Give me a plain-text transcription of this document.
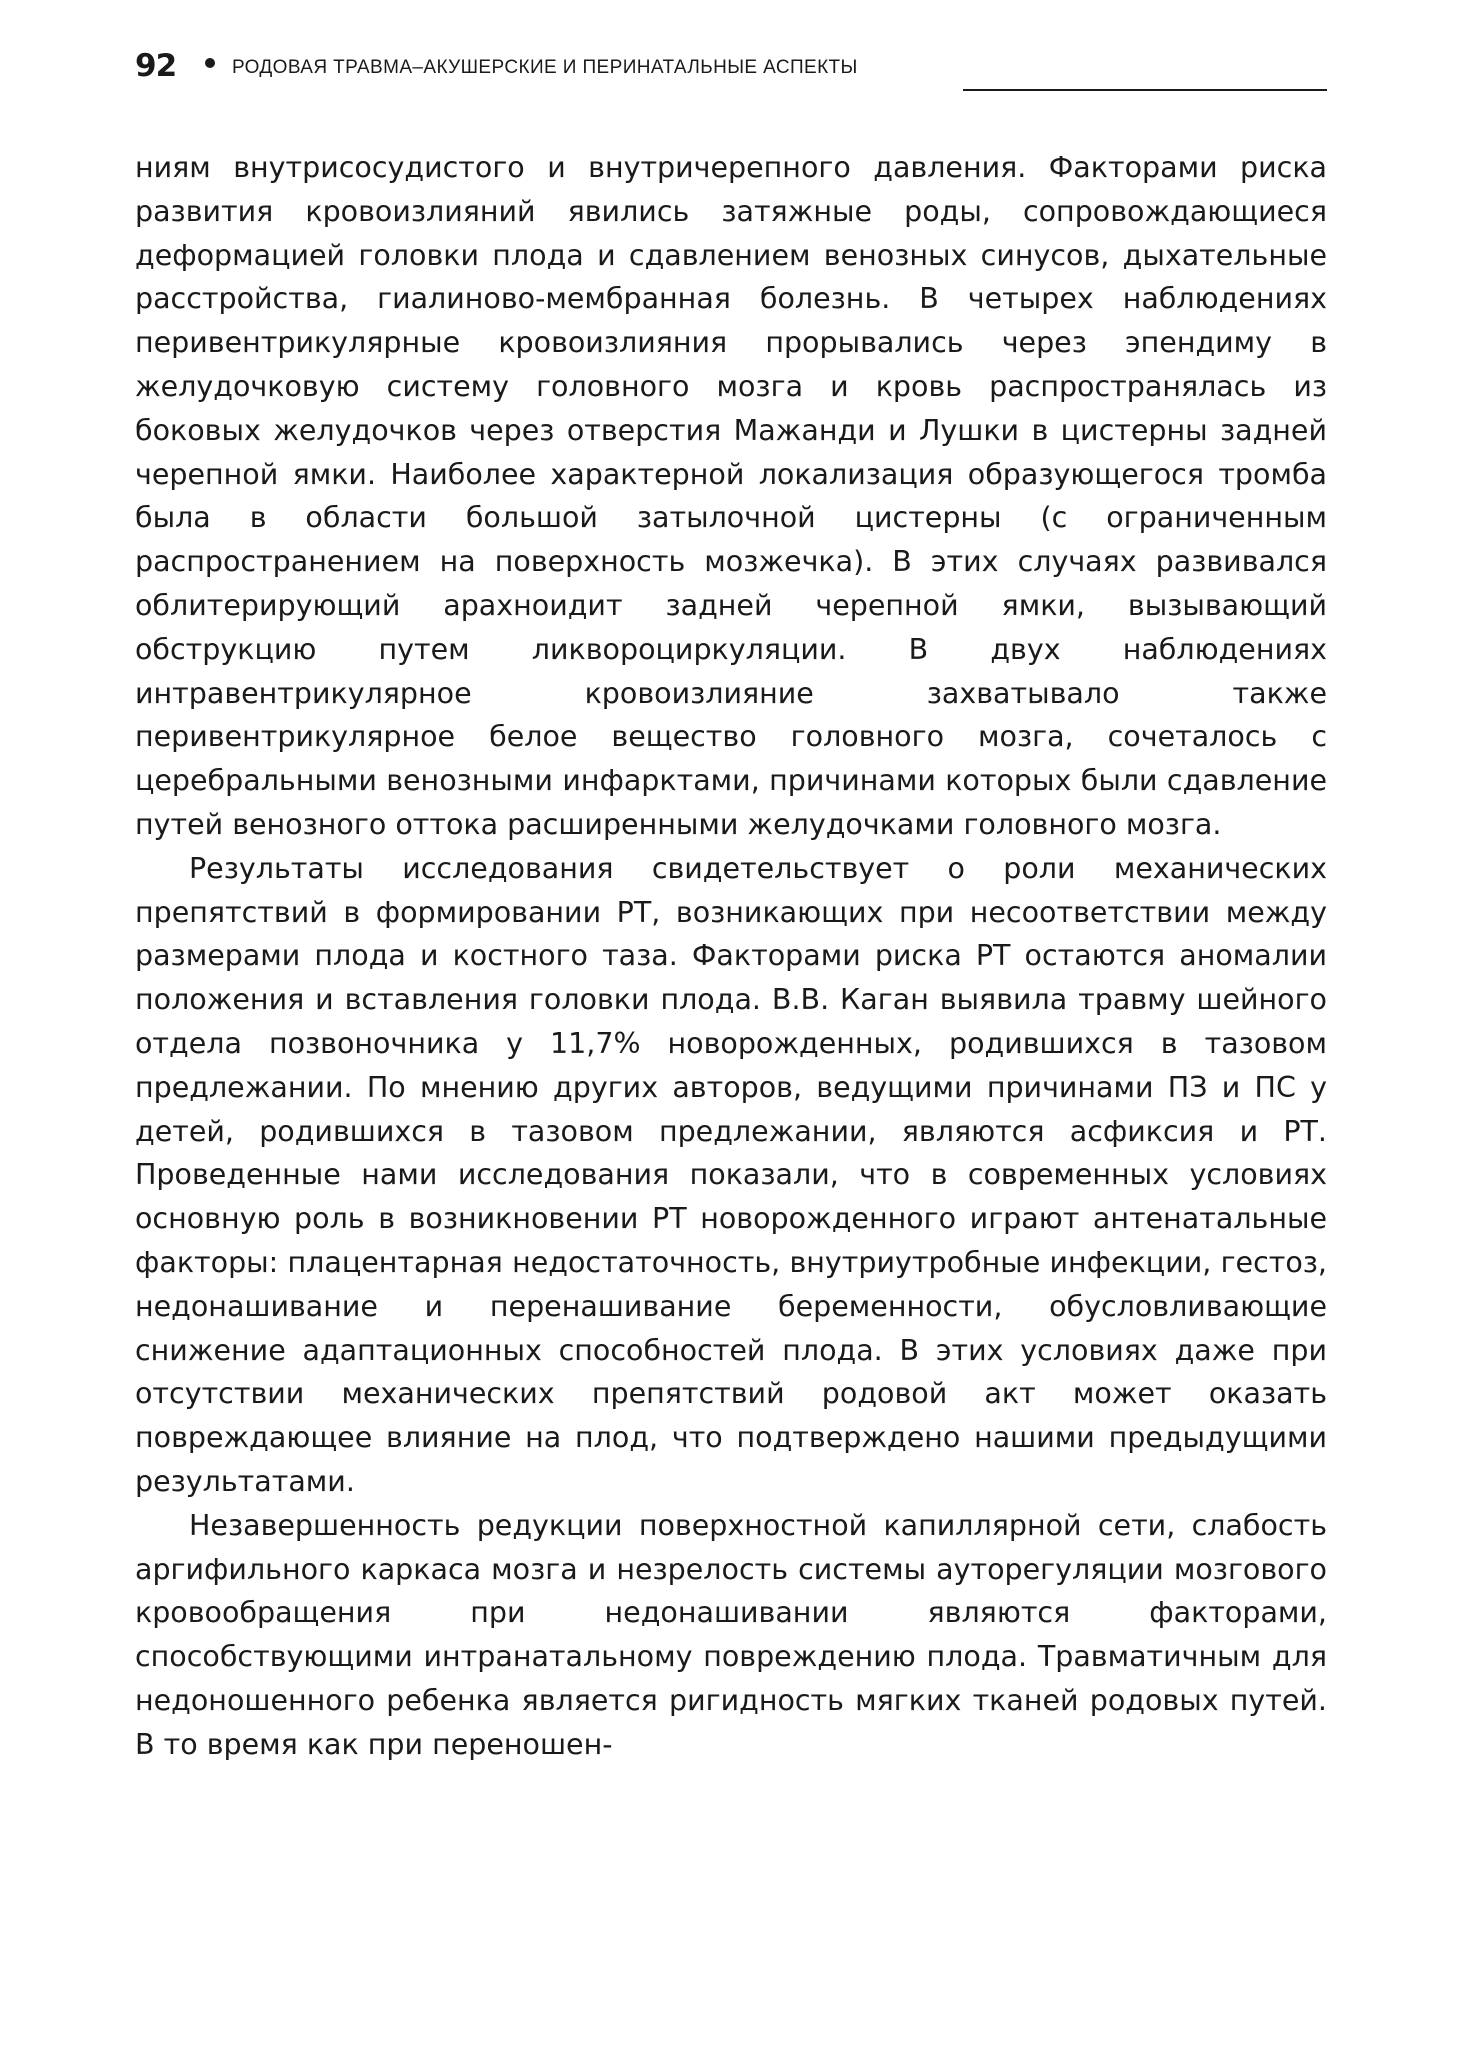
92	РОДОВАЯ ТРАВМА–АКУШЕРСКИЕ И ПЕРИНАТАЛЬНЫЕ АСПЕКТЫ

ниям внутрисосудистого и внутричерепного давления. Факторами риска развития кровоизлияний явились затяжные роды, сопровождающиеся деформацией головки плода и сдавлением венозных синусов, дыхательные расстройства, гиалиново-мембранная болезнь. В четырех наблюдениях перивентрикулярные кровоизлияния прорывались через эпендиму в желудочковую систему головного мозга и кровь распространялась из боковых желудочков через отверстия Мажанди и Лушки в цистерны задней черепной ямки. Наиболее характерной локализация образующегося тромба была в области большой затылочной цистерны (с ограниченным распространением на поверхность мозжечка). В этих случаях развивался облитерирующий арахноидит задней черепной ямки, вызывающий обструкцию путем ликвороциркуляции. В двух наблюдениях интравентрикулярное кровоизлияние захватывало также перивентрикулярное белое вещество головного мозга, сочеталось с церебральными венозными инфарктами, причинами которых были сдавление путей венозного оттока расширенными желудочками головного мозга.

Результаты исследования свидетельствует о роли механических препятствий в формировании РТ, возникающих при несоответствии между размерами плода и костного таза. Факторами риска РТ остаются аномалии положения и вставления головки плода. В.В. Каган выявила травму шейного отдела позвоночника у 11,7% новорожденных, родившихся в тазовом предлежании. По мнению других авторов, ведущими причинами ПЗ и ПС у детей, родившихся в тазовом предлежании, являются асфиксия и РТ. Проведенные нами исследования показали, что в современных условиях основную роль в возникновении РТ новорожденного играют антенатальные факторы: плацентарная недостаточность, внутриутробные инфекции, гестоз, недонашивание и перенашивание беременности, обусловливающие снижение адаптационных способностей плода. В этих условиях даже при отсутствии механических препятствий родовой акт может оказать повреждающее влияние на плод, что подтверждено нашими предыдущими результатами.

Незавершенность редукции поверхностной капиллярной сети, слабость аргифильного каркаса мозга и незрелость системы ауторегуляции мозгового кровообращения при недонашивании являются факторами, способствующими интранатальному повреждению плода. Травматичным для недоношенного ребенка является ригидность мягких тканей родовых путей. В то время как при переношен-
